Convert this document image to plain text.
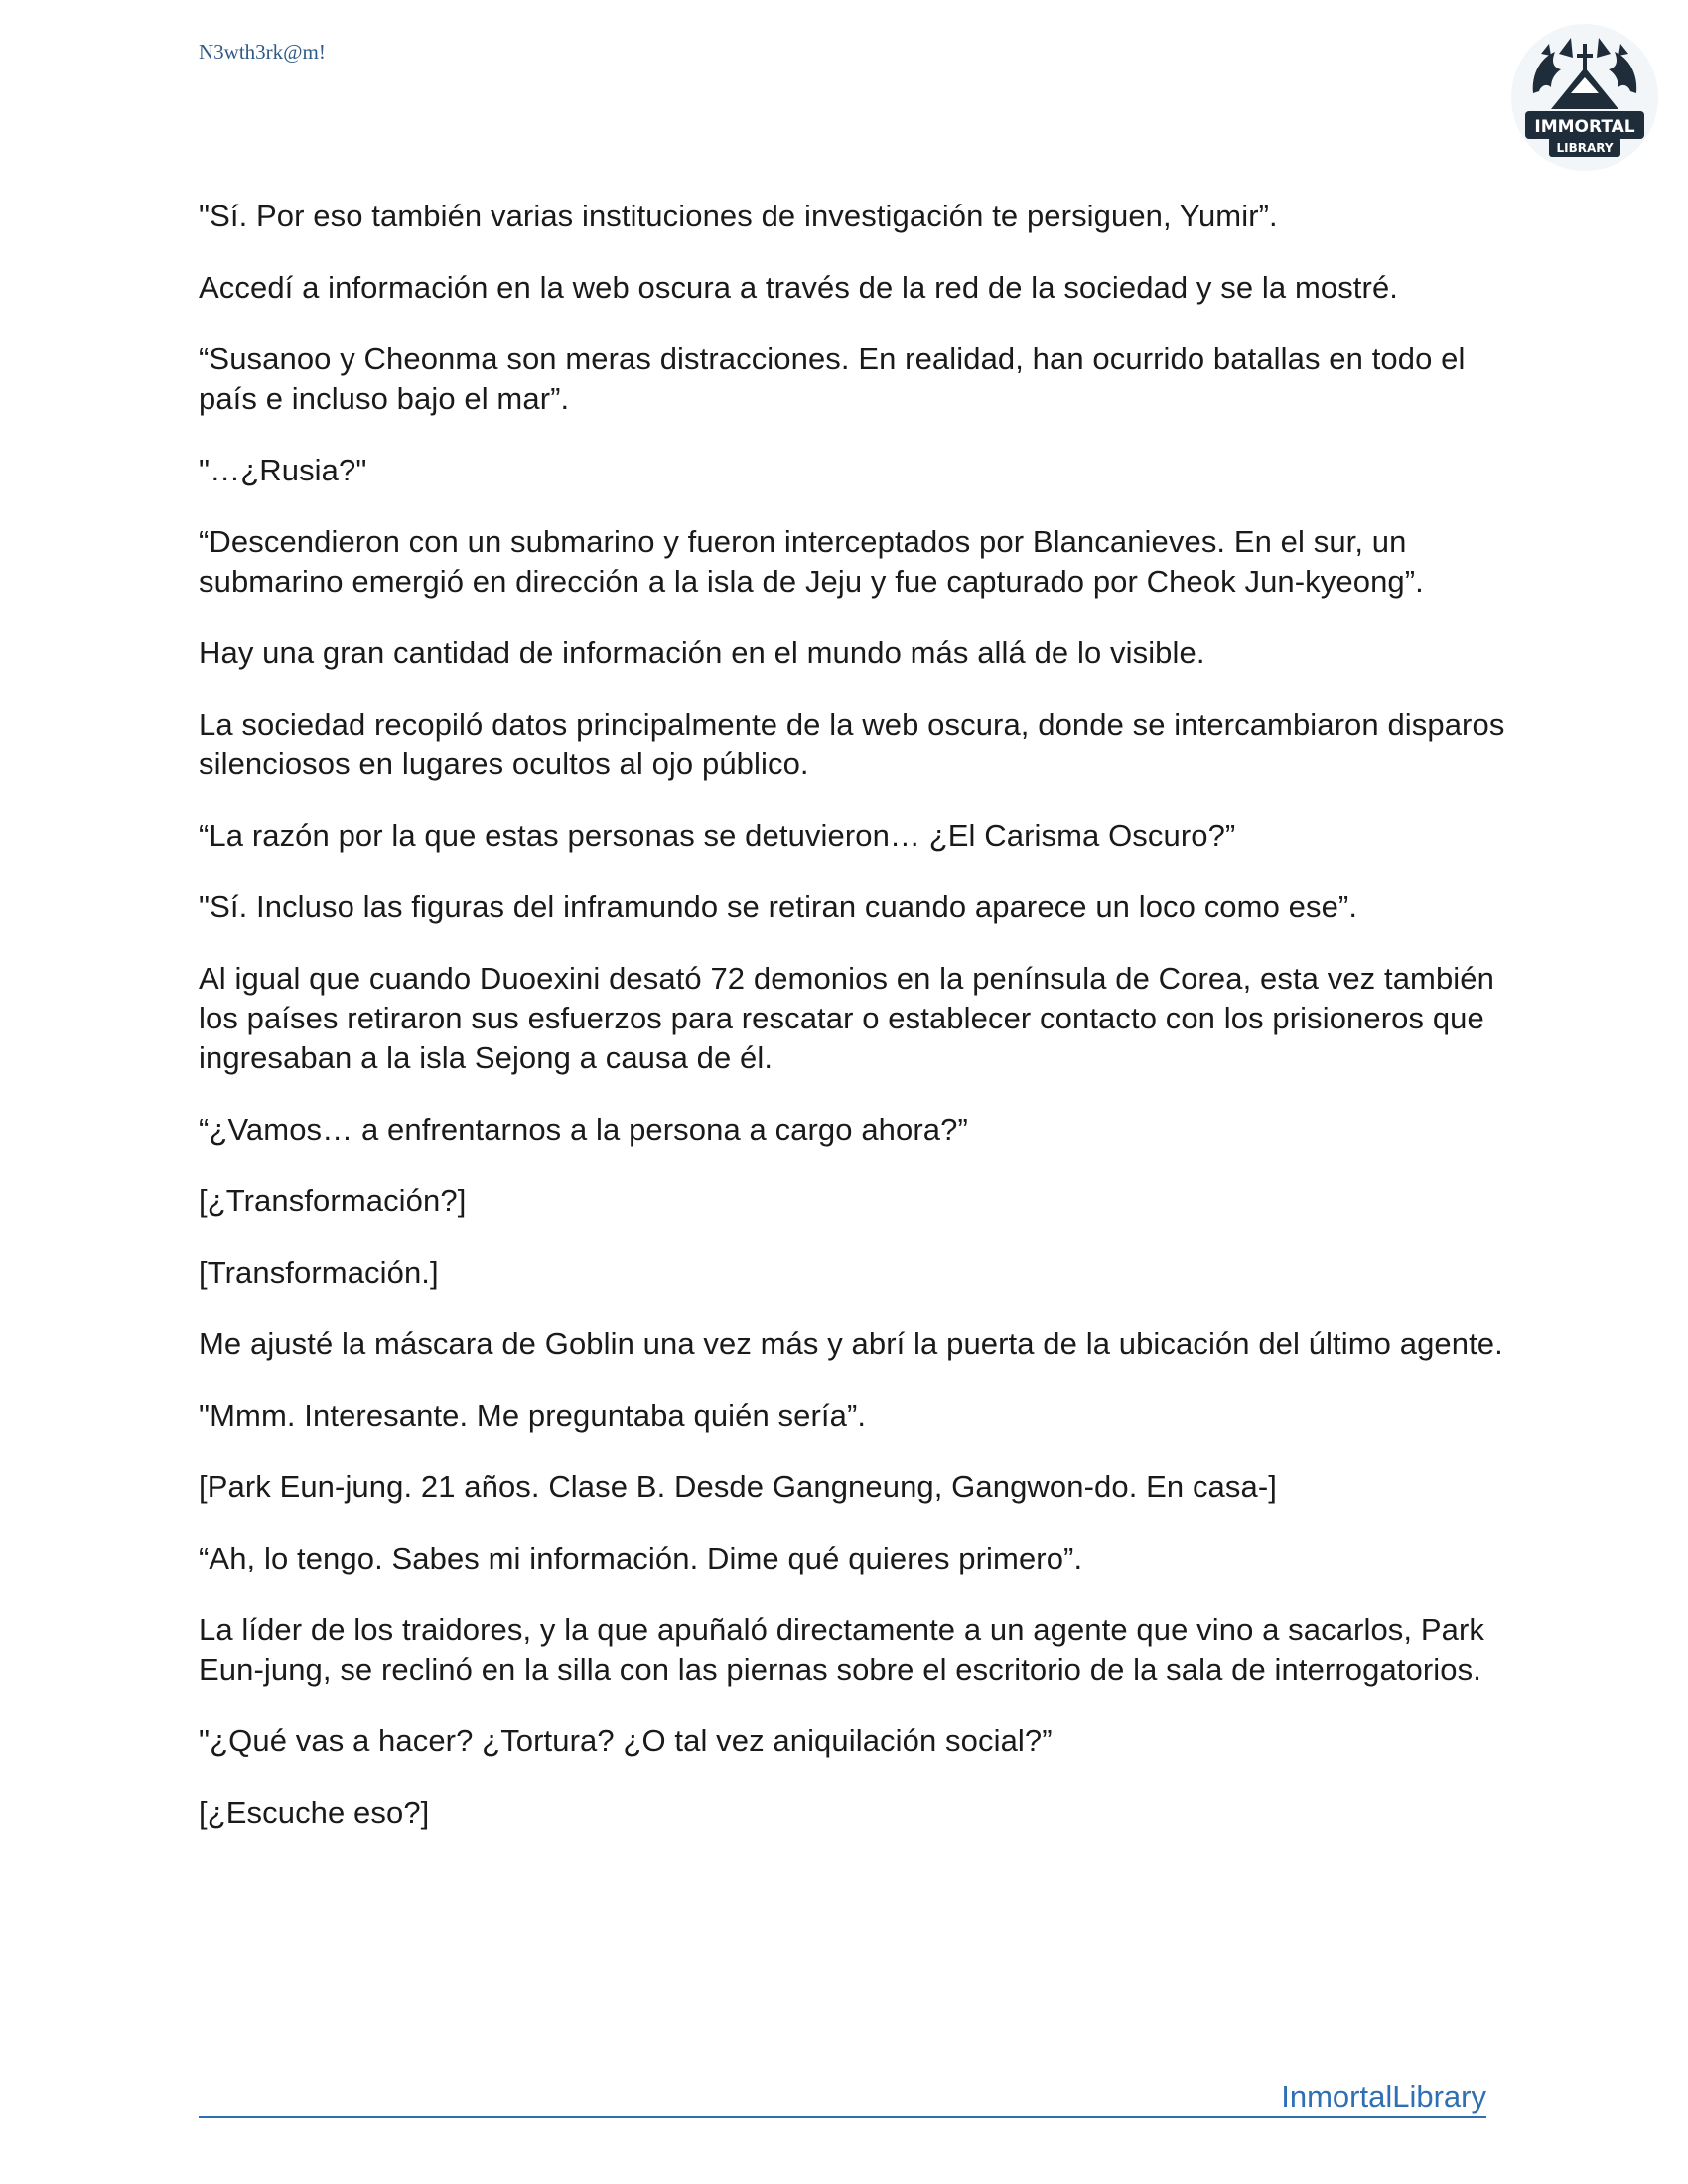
N3wth3rk@m!
IMMORTAL
LIBRARY

"Sí. Por eso también varias instituciones de investigación te persiguen, Yumir”.

Accedí a información en la web oscura a través de la red de la sociedad y se la mostré.

“Susanoo y Cheonma son meras distracciones. En realidad, han ocurrido batallas en todo el país e incluso bajo el mar”.

"…¿Rusia?"

“Descendieron con un submarino y fueron interceptados por Blancanieves. En el sur, un submarino emergió en dirección a la isla de Jeju y fue capturado por Cheok Jun-kyeong”.

Hay una gran cantidad de información en el mundo más allá de lo visible.

La sociedad recopiló datos principalmente de la web oscura, donde se intercambiaron disparos silenciosos en lugares ocultos al ojo público.

“La razón por la que estas personas se detuvieron… ¿El Carisma Oscuro?”

"Sí. Incluso las figuras del inframundo se retiran cuando aparece un loco como ese”.

Al igual que cuando Duoexini desató 72 demonios en la península de Corea, esta vez también los países retiraron sus esfuerzos para rescatar o establecer contacto con los prisioneros que ingresaban a la isla Sejong a causa de él.

“¿Vamos… a enfrentarnos a la persona a cargo ahora?”

[¿Transformación?]

[Transformación.]

Me ajusté la máscara de Goblin una vez más y abrí la puerta de la ubicación del último agente.

"Mmm. Interesante. Me preguntaba quién sería”.

[Park Eun-jung. 21 años. Clase B. Desde Gangneung, Gangwon-do. En casa-]

“Ah, lo tengo. Sabes mi información. Dime qué quieres primero”.

La líder de los traidores, y la que apuñaló directamente a un agente que vino a sacarlos, Park Eun-jung, se reclinó en la silla con las piernas sobre el escritorio de la sala de interrogatorios.

"¿Qué vas a hacer? ¿Tortura? ¿O tal vez aniquilación social?”

[¿Escuche eso?]

InmortalLibrary
